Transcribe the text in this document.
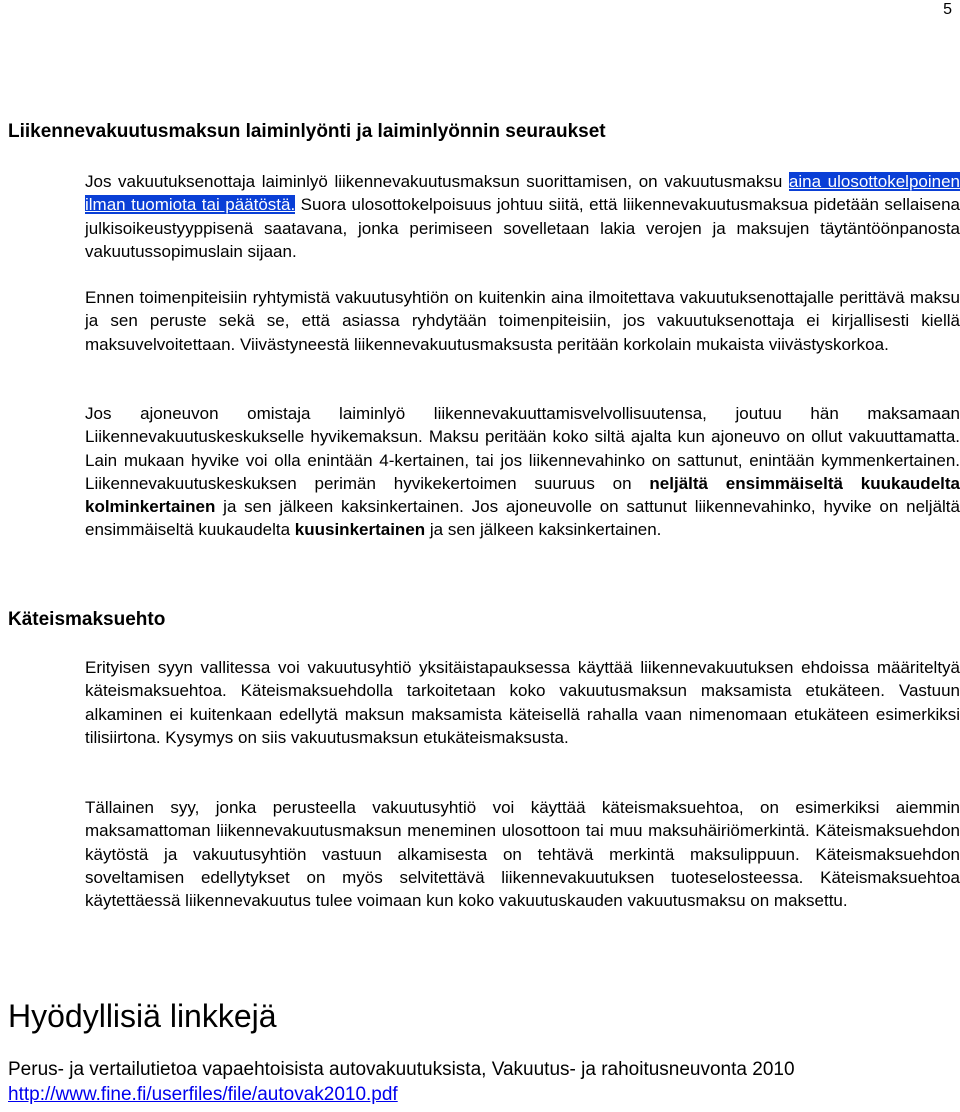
5
Liikennevakuutusmaksun laiminlyönti ja laiminlyönnin seuraukset

Jos vakuutuksenottaja laiminlyö liikennevakuutusmaksun suorittamisen, on vakuutusmaksu aina ulosottokelpoinen ilman tuomiota tai päätöstä. Suora ulosottokelpoisuus johtuu siitä, että liikennevakuutusmaksua pidetään sellaisena julkisoikeustyyppisenä saatavana, jonka perimiseen sovelletaan lakia verojen ja maksujen täytäntöönpanosta vakuutussopimuslain sijaan.

Ennen toimenpiteisiin ryhtymistä vakuutusyhtiön on kuitenkin aina ilmoitettava vakuutuksenottajalle perittävä maksu ja sen peruste sekä se, että asiassa ryhdytään toimenpiteisiin, jos vakuutuksenottaja ei kirjallisesti kiellä maksuvelvoitettaan. Viivästyneestä liikennevakuutusmaksusta peritään korkolain mukaista viivästyskorkoa.

Jos ajoneuvon omistaja laiminlyö liikennevakuuttamisvelvollisuutensa, joutuu hän maksamaan Liikennevakuutuskeskukselle hyvikemaksun. Maksu peritään koko siltä ajalta kun ajoneuvo on ollut vakuuttamatta. Lain mukaan hyvike voi olla enintään 4-kertainen, tai jos liikennevahinko on sattunut, enintään kymmenkertainen. Liikennevakuutuskeskuksen perimän hyvikekertoimen suuruus on neljältä ensimmäiseltä kuukaudelta kolminkertainen ja sen jälkeen kaksinkertainen. Jos ajoneuvolle on sattunut liikennevahinko, hyvike on neljältä ensimmäiseltä kuukaudelta kuusinkertainen ja sen jälkeen kaksinkertainen.

Käteismaksuehto

Erityisen syyn vallitessa voi vakuutusyhtiö yksitäistapauksessa käyttää liikennevakuutuksen ehdoissa määriteltyä käteismaksuehtoa. Käteismaksuehdolla tarkoitetaan koko vakuutusmaksun maksamista etukäteen. Vastuun alkaminen ei kuitenkaan edellytä maksun maksamista käteisellä rahalla vaan nimenomaan etukäteen esimerkiksi tilisiirtona. Kysymys on siis vakuutusmaksun etukäteismaksusta.

Tällainen syy, jonka perusteella vakuutusyhtiö voi käyttää käteismaksuehtoa, on esimerkiksi aiemmin maksamattoman liikennevakuutusmaksun meneminen ulosottoon tai muu maksuhäiriömerkintä. Käteismaksuehdon käytöstä ja vakuutusyhtiön vastuun alkamisesta on tehtävä merkintä maksulippuun. Käteismaksuehdon soveltamisen edellytykset on myös selvitettävä liikennevakuutuksen tuoteselosteessa. Käteismaksuehtoa käytettäessä liikennevakuutus tulee voimaan kun koko vakuutuskauden vakuutusmaksu on maksettu.

Hyödyllisiä linkkejä

Perus- ja vertailutietoa vapaehtoisista autovakuutuksista, Vakuutus- ja rahoitusneuvonta 2010

http://www.fine.fi/userfiles/file/autovak2010.pdf
